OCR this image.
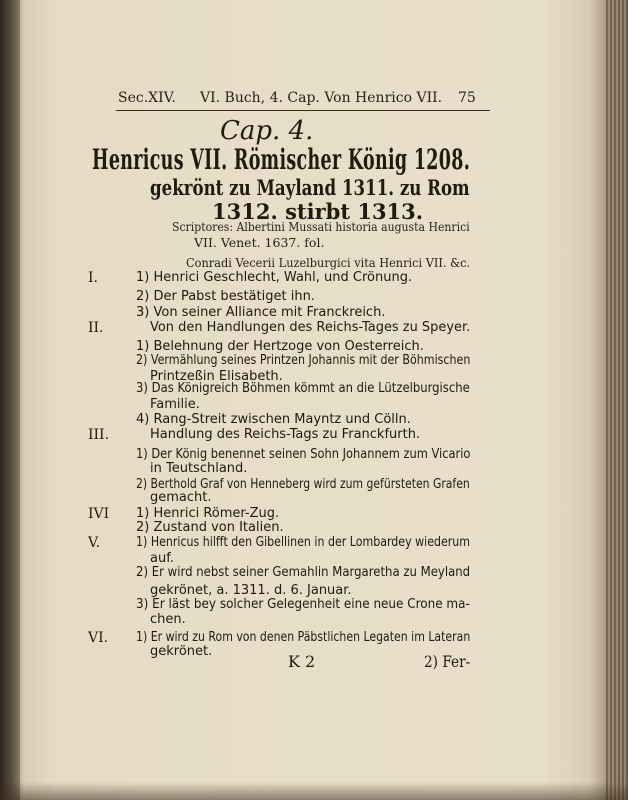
Sec.XIV. VI. Buch, 4. Cap. Von Henrico VII. 75
Cap. 4.
Henricus VII. Römischer König 1208.
gekrönt zu Mayland 1311. zu Rom
1312. stirbt 1313.
Scriptores: Albertini Mussati historia augusta Henrici
VII. Venet. 1637. fol.
Conradi Vecerii Luzelburgici vita Henrici VII. &c.
I.	1) Henrici Geschlecht, Wahl, und Crönung.
2) Der Pabst bestätiget ihn.
3) Von seiner Alliance mit Franckreich.
II.	Von den Handlungen des Reichs-Tages zu Speyer.
1) Belehnung der Hertzoge von Oesterreich.
2) Vermählung seines Printzen Johannis mit der Böhmischen
Printzeßin Elisabeth.
3) Das Königreich Böhmen kömmt an die Lützelburgische
Familie.
4) Rang-Streit zwischen Mayntz und Cölln.
III.	Handlung des Reichs-Tags zu Franckfurth.
1) Der König benennet seinen Sohn Johannem zum Vicario
in Teutschland.
2) Berthold Graf von Henneberg wird zum gefürsteten Grafen
gemacht.
IVI 1) Henrici Römer-Zug.
2) Zustand von Italien.
V.	1) Henricus hilfft den Gibellinen in der Lombardey wiederum
auf.
2) Er wird nebst seiner Gemahlin Margaretha zu Meyland
gekrönet, a. 1311. d. 6. Januar.
3) Er läst bey solcher Gelegenheit eine neue Crone ma-
chen.
VI. 1) Er wird zu Rom von denen Päbstlichen Legaten im Lateran
gekrönet.
K 2	2) Fer-
